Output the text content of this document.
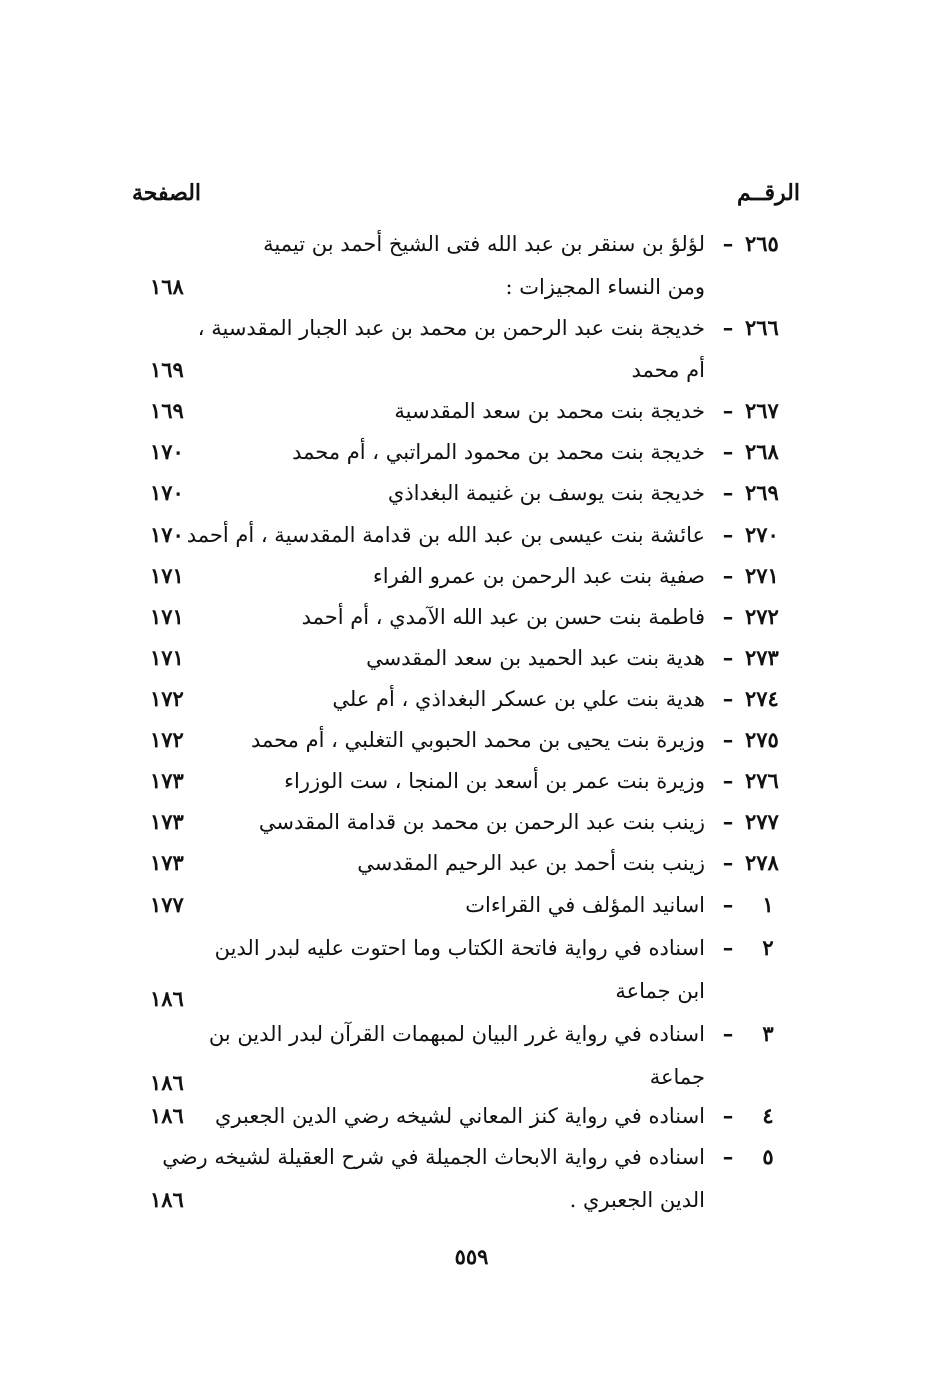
الرقــم
الصفحة
٢٦٥
–
لؤلؤ بن سنقر بن عبد الله فتى الشيخ أحمد بن تيمية
ومن النساء المجيزات :
١٦٨
٢٦٦
–
خديجة بنت عبد الرحمن بن محمد بن عبد الجبار المقدسية ،
أم محمد
١٦٩
٢٦٧
–
خديجة بنت محمد بن سعد المقدسية
١٦٩
٢٦٨
–
خديجة بنت محمد بن محمود المراتبي ، أم محمد
١٧٠
٢٦٩
–
خديجة بنت يوسف بن غنيمة البغداذي
١٧٠
٢٧٠
–
عائشة بنت عيسى بن عبد الله بن قدامة المقدسية ، أم أحمد
١٧٠
٢٧١
–
صفية بنت عبد الرحمن بن عمرو الفراء
١٧١
٢٧٢
–
فاطمة بنت حسن بن عبد الله الآمدي ، أم أحمد
١٧١
٢٧٣
–
هدية بنت عبد الحميد بن سعد المقدسي
١٧١
٢٧٤
–
هدية بنت علي بن عسكر البغداذي ، أم علي
١٧٢
٢٧٥
–
وزيرة بنت يحيى بن محمد الحبوبي التغلبي ، أم محمد
١٧٢
٢٧٦
–
وزيرة بنت عمر بن أسعد بن المنجا ، ست الوزراء
١٧٣
٢٧٧
–
زينب بنت عبد الرحمن بن محمد بن قدامة المقدسي
١٧٣
٢٧٨
–
زينب بنت أحمد بن عبد الرحيم المقدسي
١٧٣
١
–
اسانيد المؤلف في القراءات
١٧٧
٢
–
اسناده في رواية فاتحة الكتاب وما احتوت عليه لبدر الدين
ابن جماعة
١٨٦
٣
–
اسناده في رواية غرر البيان لمبهمات القرآن لبدر الدين بن
جماعة
١٨٦
٤
–
اسناده في رواية كنز المعاني لشيخه رضي الدين الجعبري
١٨٦
٥
–
اسناده في رواية الابحاث الجميلة في شرح العقيلة لشيخه رضي
الدين الجعبري .
١٨٦
٥٥٩
